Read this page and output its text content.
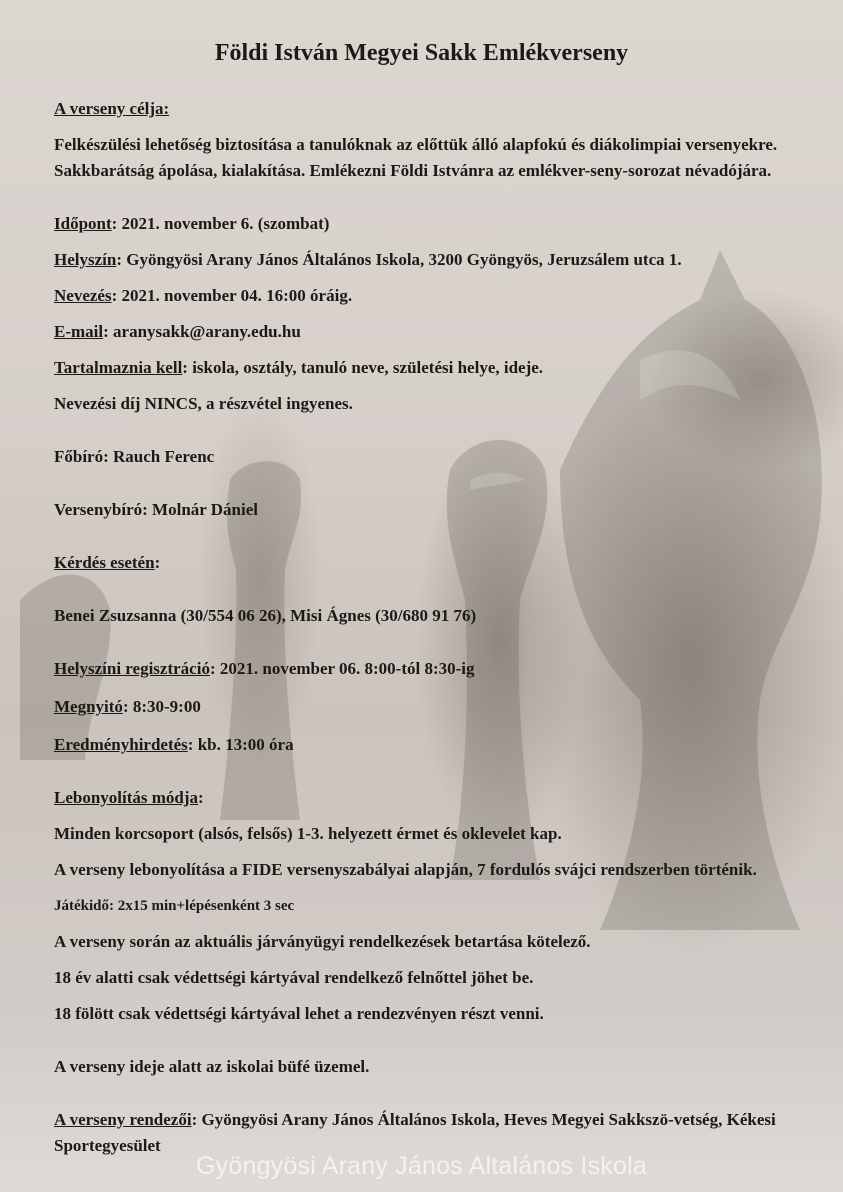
Földi István Megyei Sakk Emlékverseny

A verseny célja:

Felkészülési lehetőség biztosítása a tanulóknak az előttük álló alapfokú és diákolimpiai versenyekre. Sakkbarátság ápolása, kialakítása. Emlékezni Földi Istvánra az emlékver-seny-sorozat névadójára.

Időpont: 2021. november 6. (szombat)

Helyszín: Gyöngyösi Arany János Általános Iskola, 3200 Gyöngyös, Jeruzsálem utca 1.

Nevezés: 2021. november 04. 16:00 óráig.

E-mail: aranysakk@arany.edu.hu

Tartalmaznia kell: iskola, osztály, tanuló neve, születési helye, ideje.

Nevezési díj NINCS, a részvétel ingyenes.

Főbíró: Rauch Ferenc

Versenybíró: Molnár Dániel

Kérdés esetén:

Benei Zsuzsanna (30/554 06 26), Misi Ágnes (30/680 91 76)

Helyszíni regisztráció: 2021. november 06. 8:00-tól 8:30-ig

Megnyitó: 8:30-9:00

Eredményhirdetés: kb. 13:00 óra

Lebonyolítás módja:

Minden korcsoport (alsós, felsős) 1-3. helyezett érmet és oklevelet kap.

A verseny lebonyolítása a FIDE versenyszabályai alapján, 7 fordulós svájci rendszerben történik.

Játékidő: 2x15 min+lépésenként 3 sec

A verseny során az aktuális járványügyi rendelkezések betartása kötelező.

18 év alatti csak védettségi kártyával rendelkező felnőttel jöhet be.

18 fölött csak védettségi kártyával lehet a rendezvényen részt venni.

A verseny ideje alatt az iskolai büfé üzemel.

A verseny rendezői: Gyöngyösi Arany János Általános Iskola, Heves Megyei Sakkszö-vetség, Kékesi Sportegyesület

Gyöngyösi Arany János Altalános Iskola
